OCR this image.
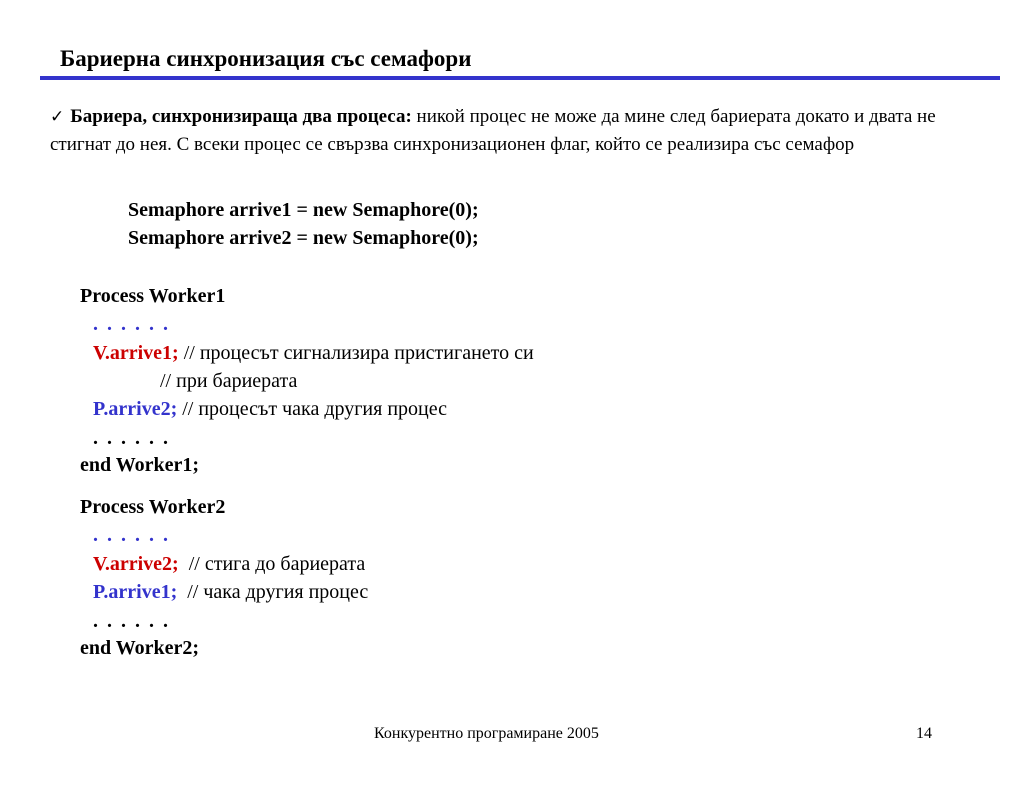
Бариерна синхронизация със семафори
✓ Бариера, синхронизираща два процеса: никой процес не може да мине след бариерата докато и двата не стигнат до нея. С всеки процес се свързва синхронизационен флаг, който се реализира със семафор
Semaphore arrive1 = new Semaphore(0);
Semaphore arrive2 = new Semaphore(0);
Process Worker1
. . . . . .
V.arrive1; // процесът сигнализира пристигането си
// при бариерата
P.arrive2; // процесът чака другия процес
. . . . . .
end Worker1;
Process Worker2
. . . . . .
V.arrive2;  // стига до бариерата
P.arrive1;  // чака другия процес
. . . . . .
end Worker2;
Конкурентно програмиране 2005	14
